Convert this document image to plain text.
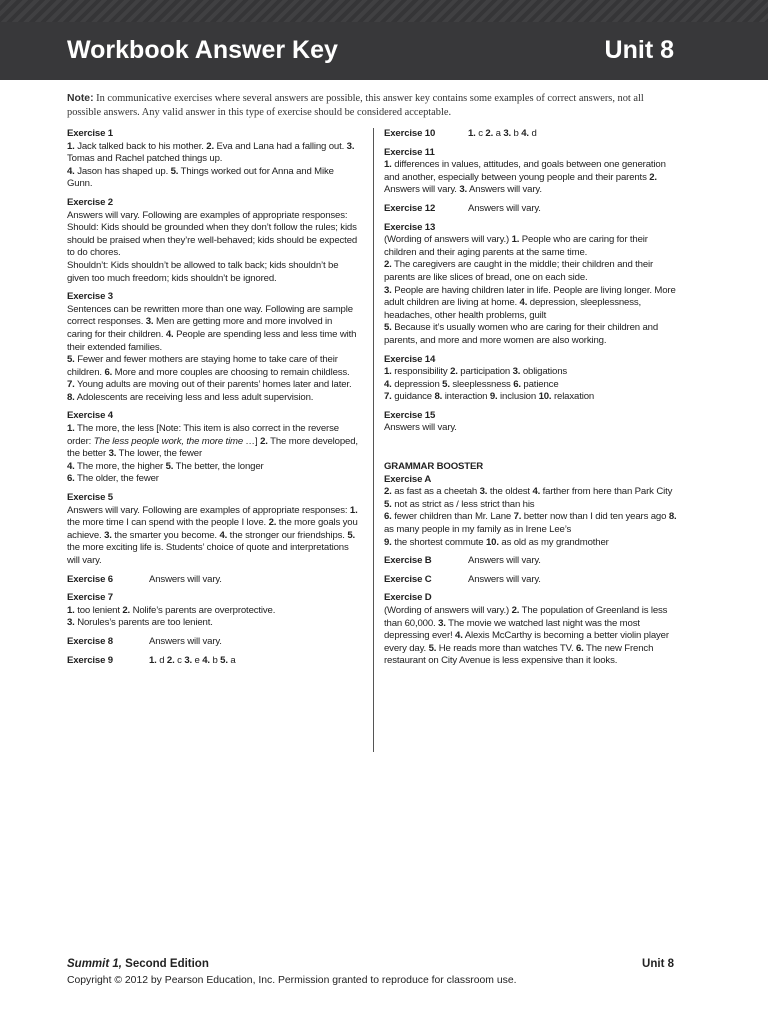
Workbook Answer Key	Unit 8
Note: In communicative exercises where several answers are possible, this answer key contains some examples of correct answers, not all possible answers. Any valid answer in this type of exercise should be considered acceptable.
Exercise 1
1. Jack talked back to his mother. 2. Eva and Lana had a falling out. 3. Tomas and Rachel patched things up.
4. Jason has shaped up. 5. Things worked out for Anna and Mike Gunn.
Exercise 2
Answers will vary. Following are examples of appropriate responses:
Should: Kids should be grounded when they don’t follow the rules; kids should be praised when they’re well-behaved; kids should be expected to do chores.
Shouldn’t: Kids shouldn’t be allowed to talk back; kids shouldn’t be given too much freedom; kids shouldn’t be ignored.
Exercise 3
Sentences can be rewritten more than one way. Following are sample correct responses. 3. Men are getting more and more involved in caring for their children. 4. People are spending less and less time with their extended families.
5. Fewer and fewer mothers are staying home to take care of their children. 6. More and more couples are choosing to remain childless. 7. Young adults are moving out of their parents’ homes later and later. 8. Adolescents are receiving less and less adult supervision.
Exercise 4
1. The more, the less [Note: This item is also correct in the reverse order: The less people work, the more time …] 2. The more developed, the better 3. The lower, the fewer
4. The more, the higher 5. The better, the longer
6. The older, the fewer
Exercise 5
Answers will vary. Following are examples of appropriate responses: 1. the more time I can spend with the people I love. 2. the more goals you achieve. 3. the smarter you become. 4. the stronger our friendships. 5. the more exciting life is. Students’ choice of quote and interpretations will vary.
Exercise 6	Answers will vary.
Exercise 7
1. too lenient 2. Nolife’s parents are overprotective.
3. Norules’s parents are too lenient.
Exercise 8	Answers will vary.
Exercise 9	1. d 2. c 3. e 4. b 5. a
Exercise 10	1. c 2. a 3. b 4. d
Exercise 11
1. differences in values, attitudes, and goals between one generation and another, especially between young people and their parents 2. Answers will vary. 3. Answers will vary.
Exercise 12	Answers will vary.
Exercise 13
(Wording of answers will vary.) 1. People who are caring for their children and their aging parents at the same time.
2. The caregivers are caught in the middle; their children and their parents are like slices of bread, one on each side.
3. People are having children later in life. People are living longer. More adult children are living at home. 4. depression, sleeplessness, headaches, other health problems, guilt
5. Because it’s usually women who are caring for their children and parents, and more and more women are also working.
Exercise 14
1. responsibility 2. participation 3. obligations
4. depression 5. sleeplessness 6. patience
7. guidance 8. interaction 9. inclusion 10. relaxation
Exercise 15
Answers will vary.
GRAMMAR BOOSTER
Exercise A
2. as fast as a cheetah 3. the oldest 4. farther from here than Park City 5. not as strict as / less strict than his
6. fewer children than Mr. Lane 7. better now than I did ten years ago 8. as many people in my family as in Irene Lee’s
9. the shortest commute 10. as old as my grandmother
Exercise B	Answers will vary.
Exercise C	Answers will vary.
Exercise D
(Wording of answers will vary.) 2. The population of Greenland is less than 60,000. 3. The movie we watched last night was the most depressing ever! 4. Alexis McCarthy is becoming a better violin player every day. 5. He reads more than watches TV. 6. The new French restaurant on City Avenue is less expensive than it looks.
Summit 1, Second Edition	Unit 8
Copyright © 2012 by Pearson Education, Inc. Permission granted to reproduce for classroom use.
